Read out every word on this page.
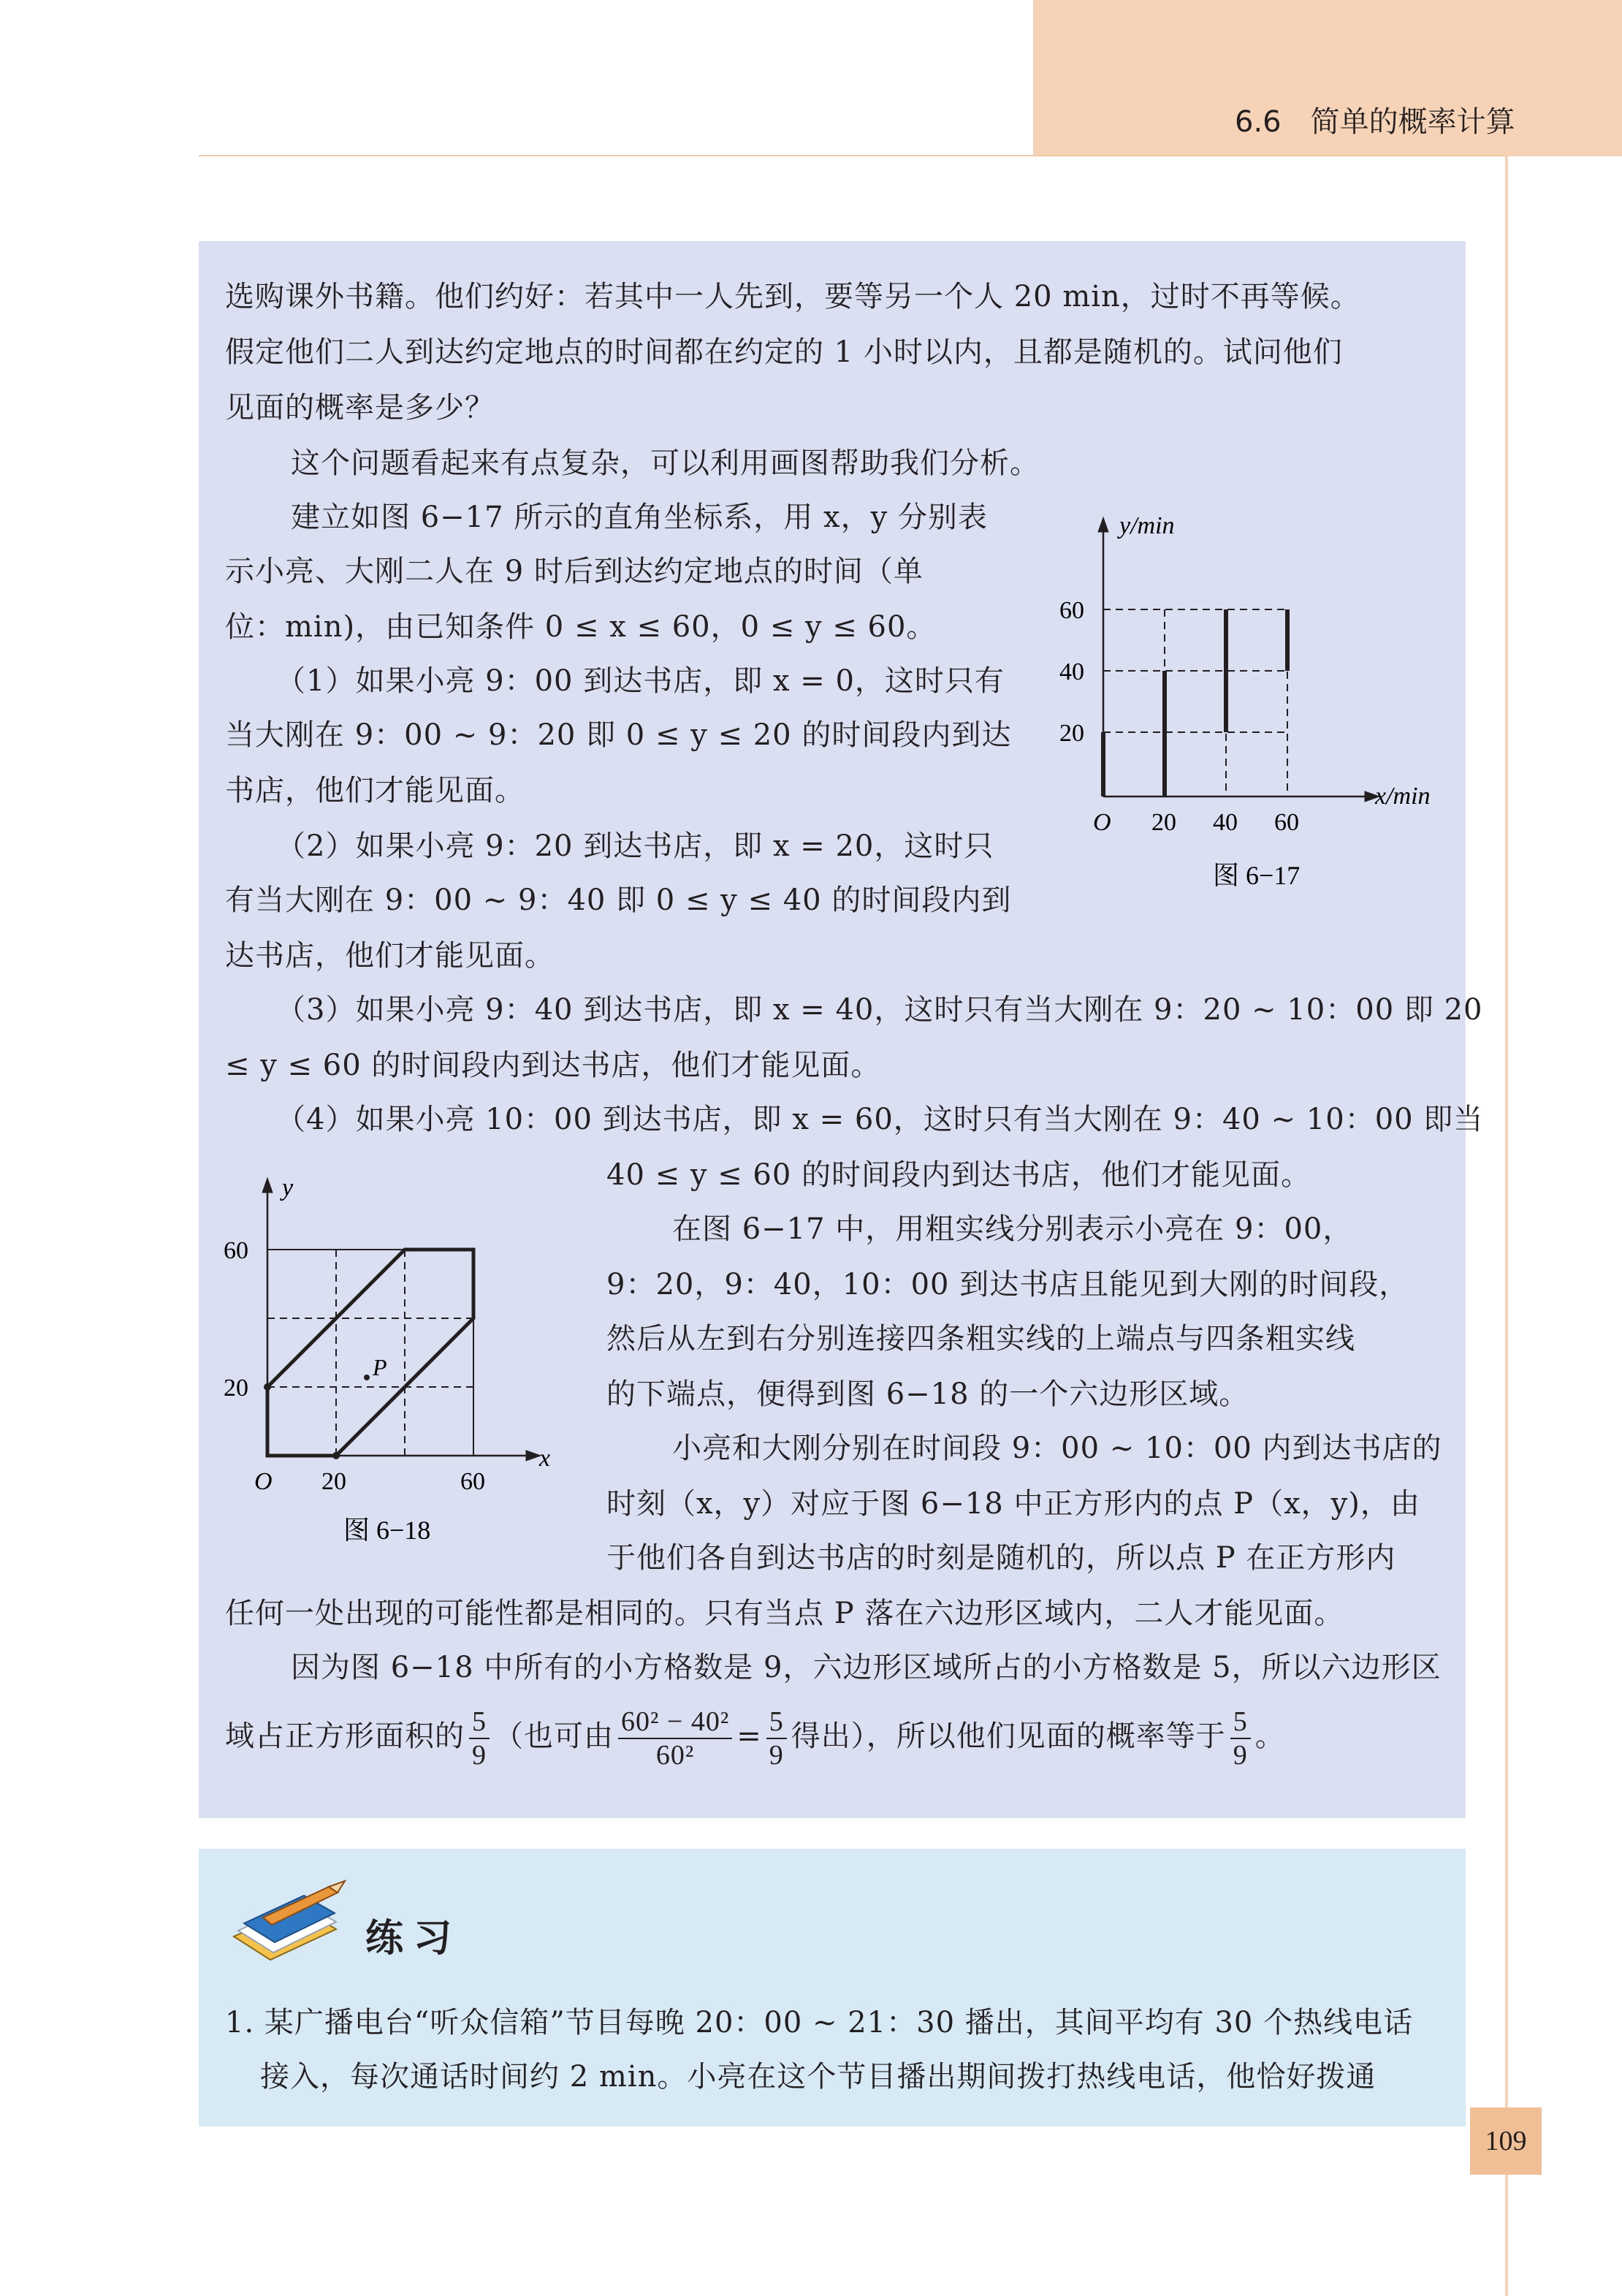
6.6　简单的概率计算
选购课外书籍。他们约好：若其中一人先到，要等另一个人 20 min，过时不再等候。
假定他们二人到达约定地点的时间都在约定的 1 小时以内，且都是随机的。试问他们
见面的概率是多少？
这个问题看起来有点复杂，可以利用画图帮助我们分析。
建立如图 6−17 所示的直角坐标系，用 x，y 分别表
示小亮、大刚二人在 9 时后到达约定地点的时间（单
位：min)，由已知条件 0 ≤ x ≤ 60，0 ≤ y ≤ 60。
（1）如果小亮 9：00 到达书店，即 x = 0，这时只有
当大刚在 9：00 ~ 9：20 即 0 ≤ y ≤ 20 的时间段内到达
书店，他们才能见面。
（2）如果小亮 9：20 到达书店，即 x = 20，这时只
有当大刚在 9：00 ~ 9：40 即 0 ≤ y ≤ 40 的时间段内到
达书店，他们才能见面。
（3）如果小亮 9：40 到达书店，即 x = 40，这时只有当大刚在 9：20 ~ 10：00 即 20
≤ y ≤ 60 的时间段内到达书店，他们才能见面。
（4）如果小亮 10：00 到达书店，即 x = 60，这时只有当大刚在 9：40 ~ 10：00 即当
40 ≤ y ≤ 60 的时间段内到达书店，他们才能见面。
在图 6−17 中，用粗实线分别表示小亮在 9：00，
9：20，9：40，10：00 到达书店且能见到大刚的时间段，
然后从左到右分别连接四条粗实线的上端点与四条粗实线
的下端点，便得到图 6−18 的一个六边形区域。
小亮和大刚分别在时间段 9：00 ~ 10：00 内到达书店的
时刻（x，y）对应于图 6−18 中正方形内的点 P（x，y)，由
于他们各自到达书店的时刻是随机的，所以点 P 在正方形内
任何一处出现的可能性都是相同的。只有当点 P 落在六边形区域内，二人才能见面。
因为图 6−18 中所有的小方格数是 9，六边形区域所占的小方格数是 5，所以六边形区
域占正方形面积的 $\frac{5}{9}$ （也可由 $\frac{\text{60² − 40²}}{\text{60²}} = \frac{5}{9}$ 得出），所以他们见面的概率等于 $\frac{5}{9}$ 。
y/min
x/min
O 20 40 60
20
40
60
图 6−17
P
y
x
O 20	60
20
60
图 6−18
练习
1. 某广播电台“听众信箱”节目每晚 20：00 ~ 21：30 播出，其间平均有 30 个热线电话
接入，每次通话时间约 2 min。小亮在这个节目播出期间拨打热线电话，他恰好拨通
109
